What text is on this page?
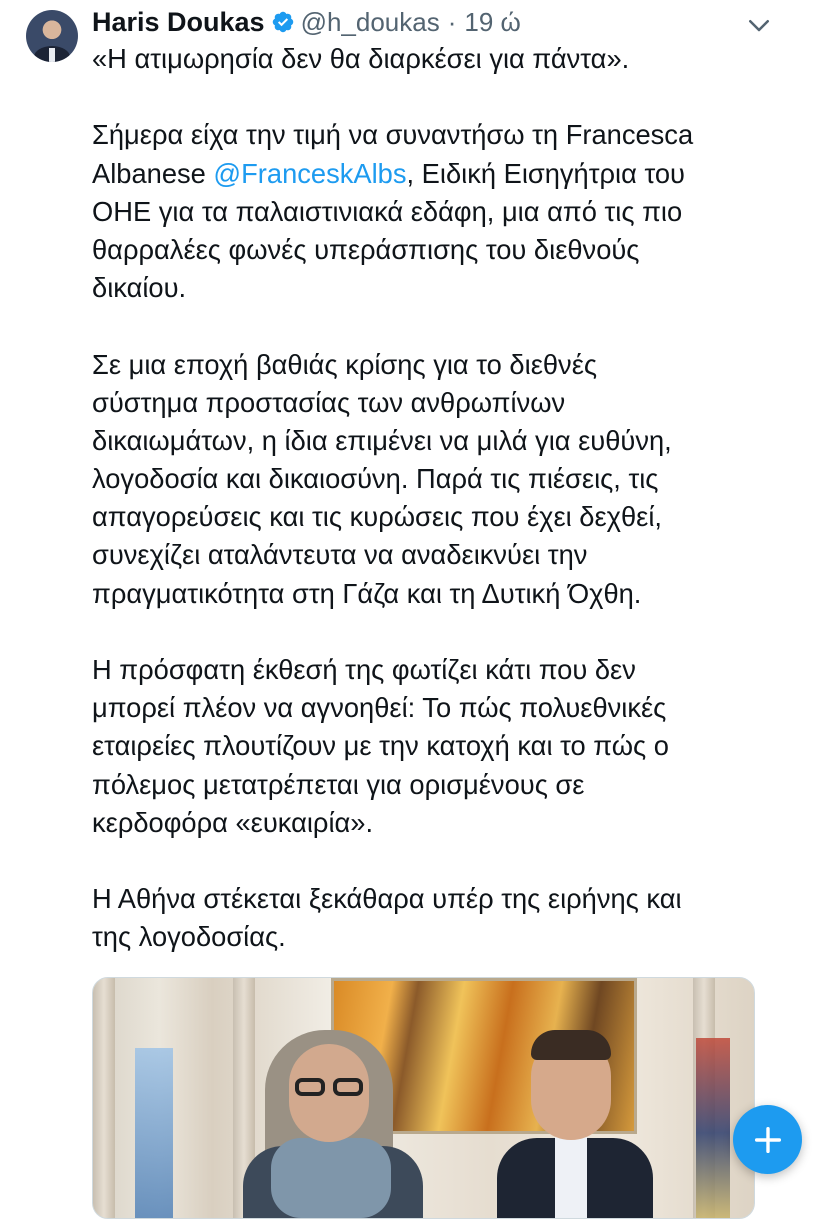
Haris Doukas @h_doukas · 19 ώ
«Η ατιμωρησία δεν θα διαρκέσει για πάντα».
Σήμερα είχα την τιμή να συναντήσω τη Francesca
Albanese @FranceskAlbs, Ειδική Εισηγήτρια του
ΟΗΕ για τα παλαιστινιακά εδάφη, μια από τις πιο
θαρραλέες φωνές υπεράσπισης του διεθνούς
δικαίου.
Σε μια εποχή βαθιάς κρίσης για το διεθνές
σύστημα προστασίας των ανθρωπίνων
δικαιωμάτων, η ίδια επιμένει να μιλά για ευθύνη,
λογοδοσία και δικαιοσύνη. Παρά τις πιέσεις, τις
απαγορεύσεις και τις κυρώσεις που έχει δεχθεί,
συνεχίζει αταλάντευτα να αναδεικνύει την
πραγματικότητα στη Γάζα και τη Δυτική Όχθη.
Η πρόσφατη έκθεσή της φωτίζει κάτι που δεν
μπορεί πλέον να αγνοηθεί: Το πώς πολυεθνικές
εταιρείες πλουτίζουν με την κατοχή και το πώς ο
πόλεμος μετατρέπεται για ορισμένους σε
κερδοφόρα «ευκαιρία».
Η Αθήνα στέκεται ξεκάθαρα υπέρ της ειρήνης και
της λογοδοσίας.
